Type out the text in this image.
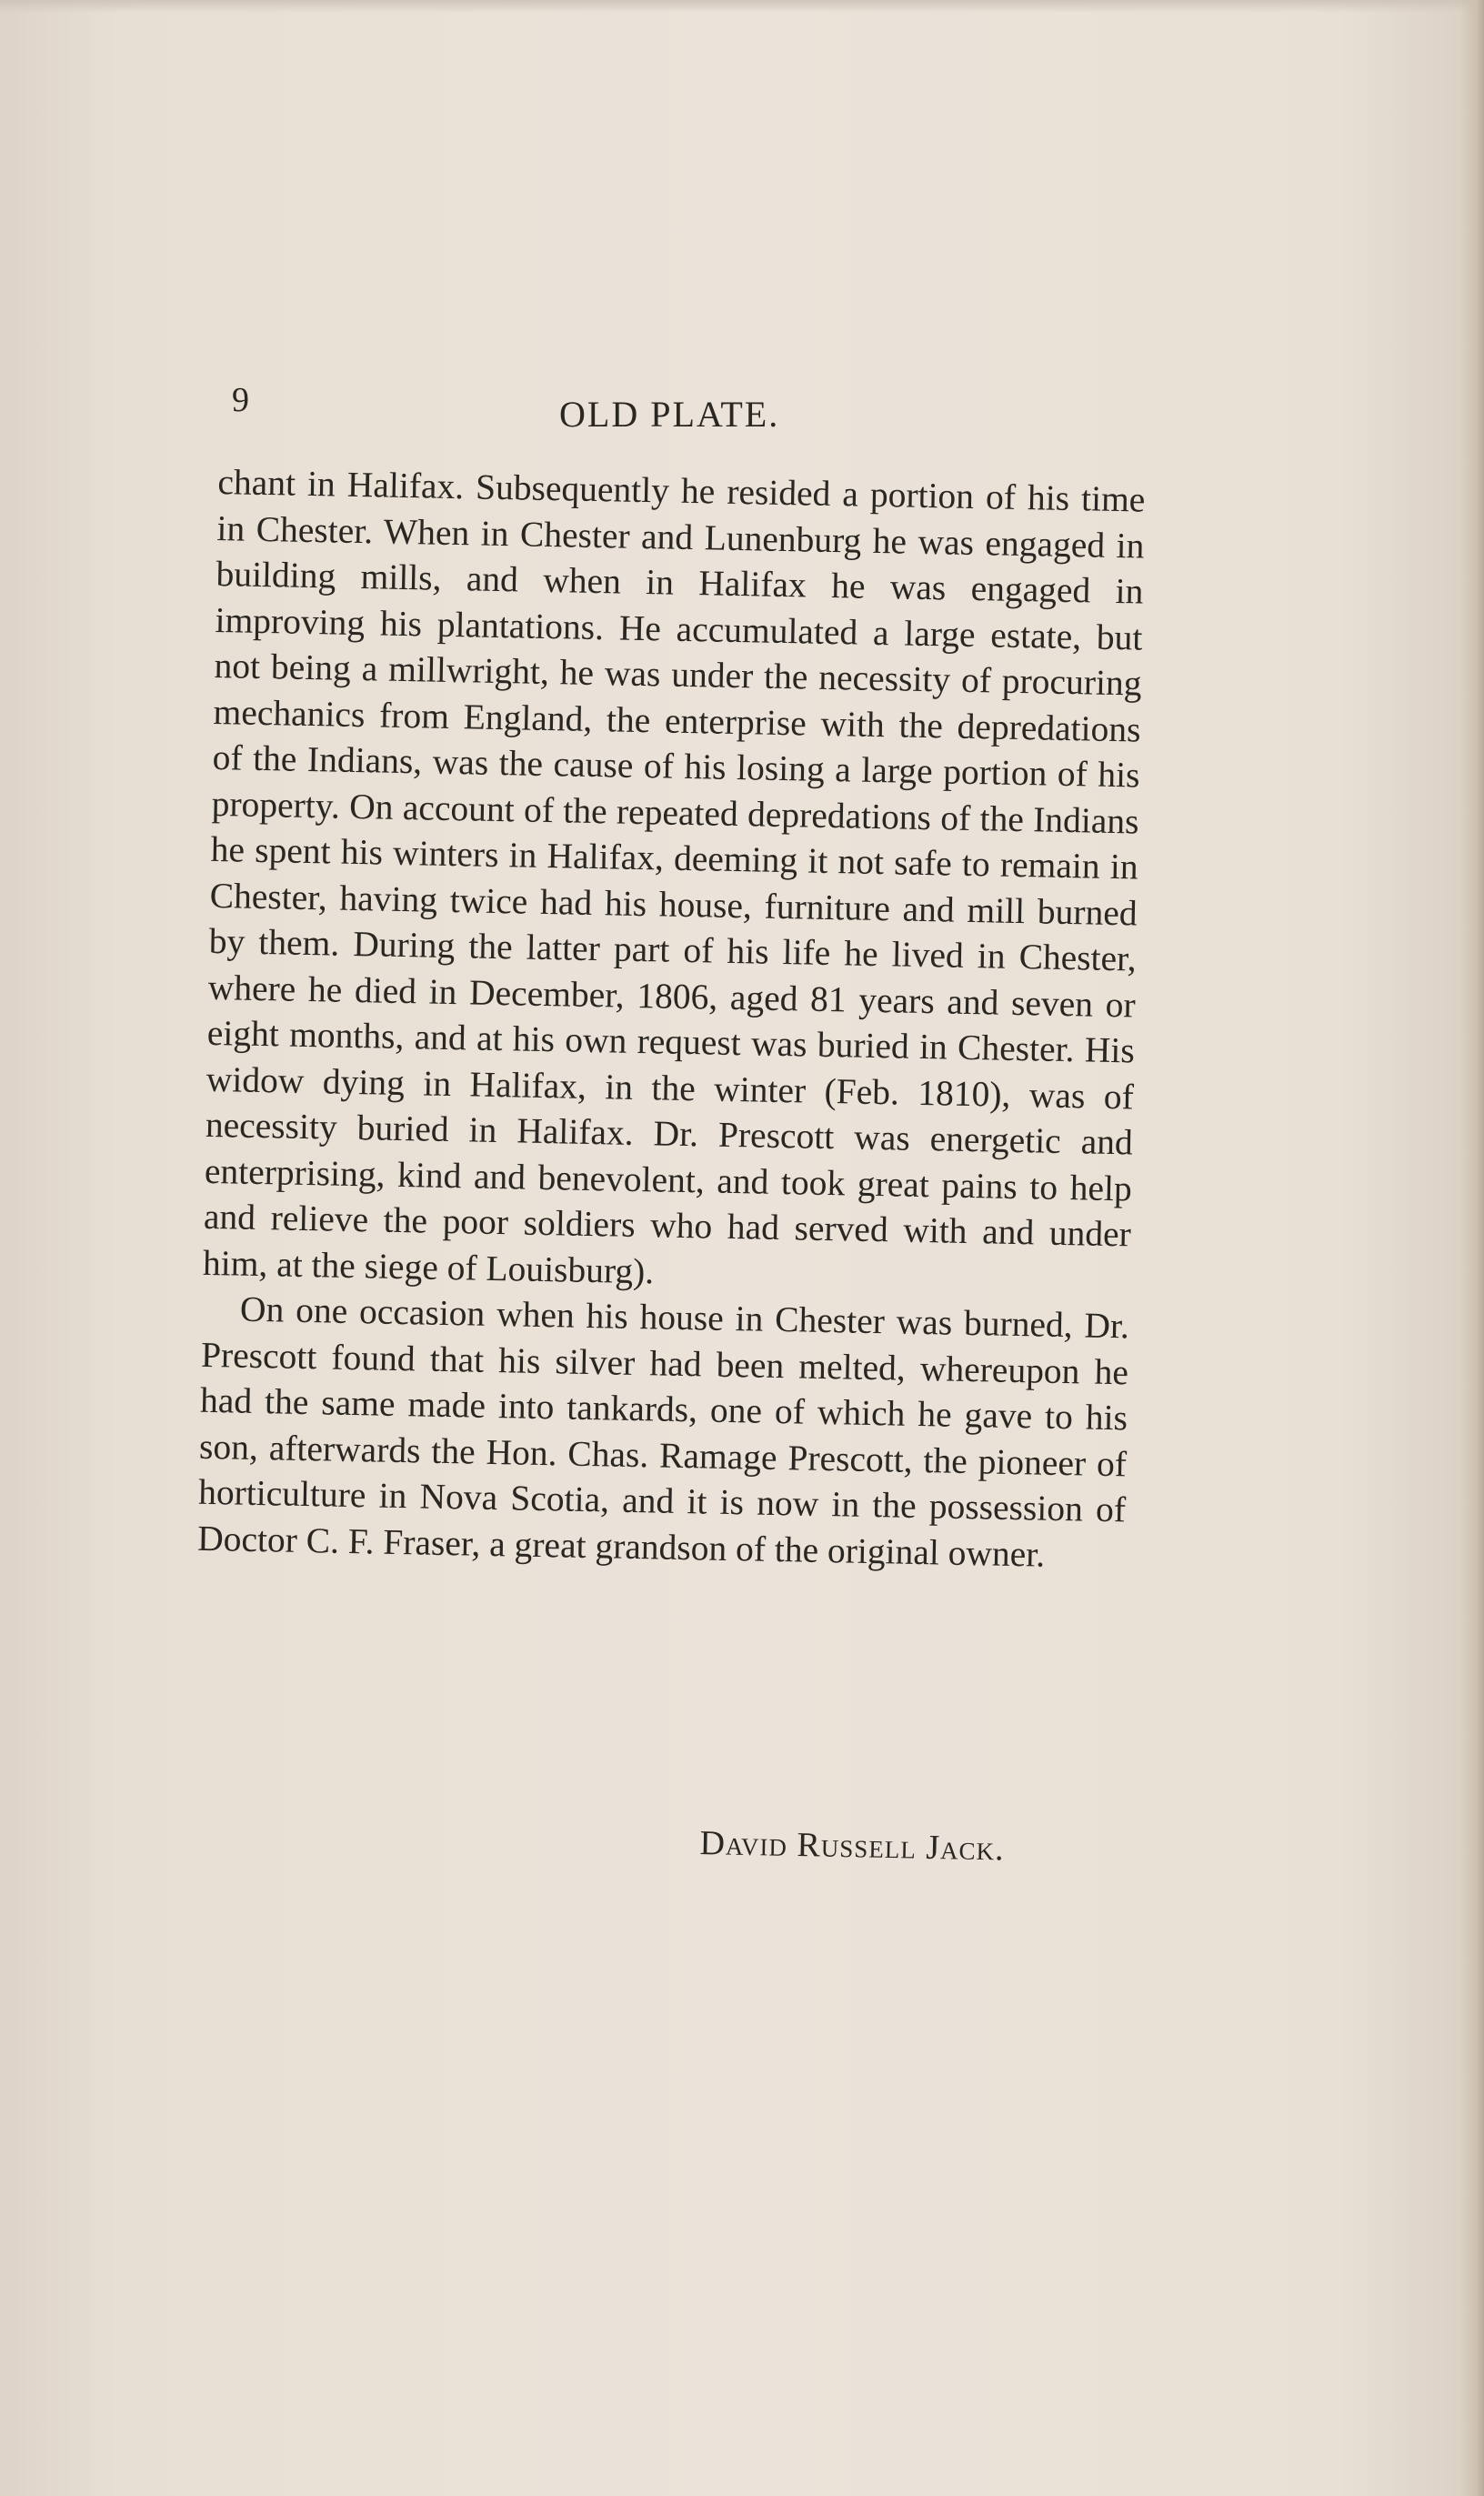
9	OLD PLATE.

chant in Halifax. Subsequently he resided a portion of his time in Chester. When in Chester and Lunenburg he was engaged in building mills, and when in Halifax he was engaged in improving his plantations. He accumulated a large estate, but not being a millwright, he was under the necessity of procuring mechanics from England, the enterprise with the depredations of the Indians, was the cause of his losing a large portion of his property. On account of the repeated depredations of the Indians he spent his winters in Halifax, deeming it not safe to remain in Chester, having twice had his house, furniture and mill burned by them. During the latter part of his life he lived in Chester, where he died in December, 1806, aged 81 years and seven or eight months, and at his own request was buried in Chester. His widow dying in Halifax, in the winter (Feb. 1810), was of necessity buried in Halifax. Dr. Prescott was energetic and enterprising, kind and benevolent, and took great pains to help and relieve the poor soldiers who had served with and under him, at the siege of Louisburg).

On one occasion when his house in Chester was burned, Dr. Prescott found that his silver had been melted, whereupon he had the same made into tankards, one of which he gave to his son, afterwards the Hon. Chas. Ramage Prescott, the pioneer of horticulture in Nova Scotia, and it is now in the possession of Doctor C. F. Fraser, a great grandson of the original owner.

David Russell Jack.
